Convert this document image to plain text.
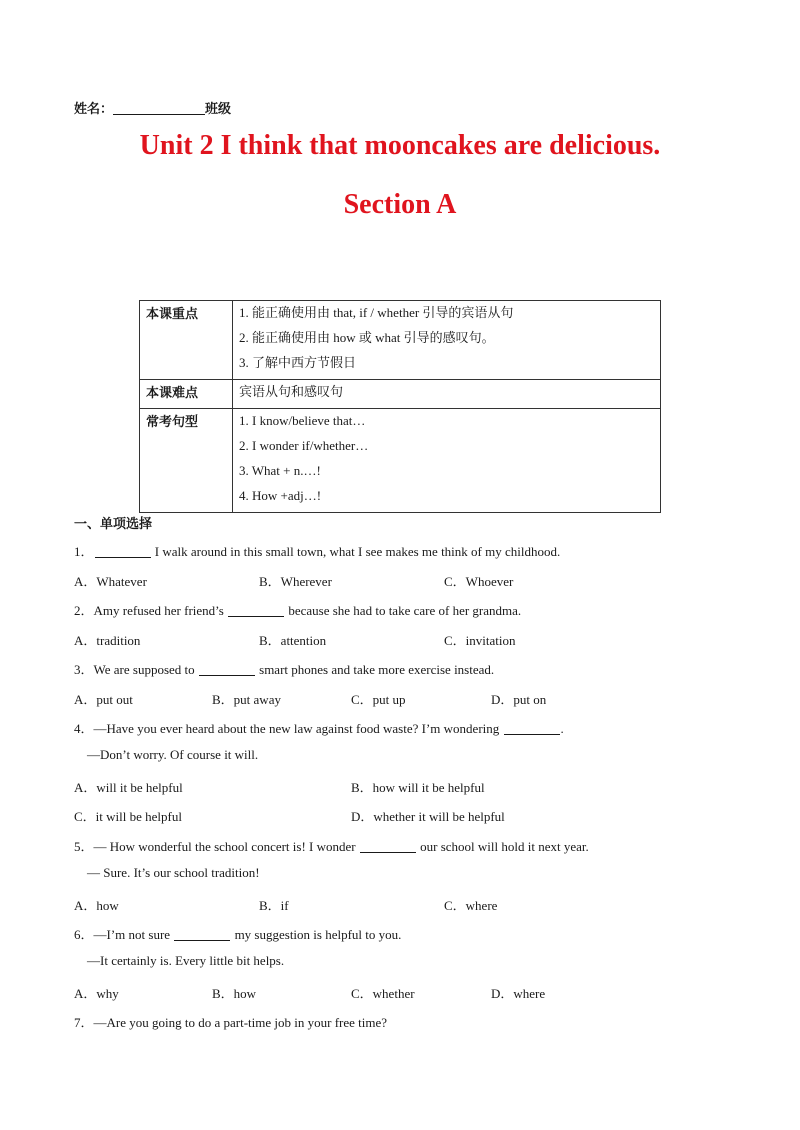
姓名：	班级
Unit 2 I think that mooncakes are delicious.
Section A
本课重点	1. 能正确使用由 that, if / whether 引导的宾语从句
2. 能正确使用由 how 或 what 引导的感叹句。
3. 了解中西方节假日

本课难点	宾语从句和感叹句

常考句型	1. I know/believe that…
2. I wonder if/whether…
3. What + n.…!
4. How +adj…!
一、单项选择
1．	I walk around in this small town, what I see makes me think of my childhood.
A．Whatever	B．Wherever	C．Whoever
2．Amy refused her friend’s	because she had to take care of her grandma.
A．tradition	B．attention	C．invitation
3．We are supposed to	smart phones and take more exercise instead.
A．put out	B．put away	C．put up	D．put on
4．—Have you ever heard about the new law against food waste? I’m wondering	.
—Don’t worry. Of course it will.
A．will it be helpful	B．how will it be helpful
C．it will be helpful	D．whether it will be helpful
5．— How wonderful the school concert is! I wonder	our school will hold it next year.
— Sure. It’s our school tradition!
A．how	B．if	C．where
6．—I’m not sure	my suggestion is helpful to you.
—It certainly is. Every little bit helps.
A．why	B．how	C．whether	D．where
7．—Are you going to do a part-time job in your free time?
